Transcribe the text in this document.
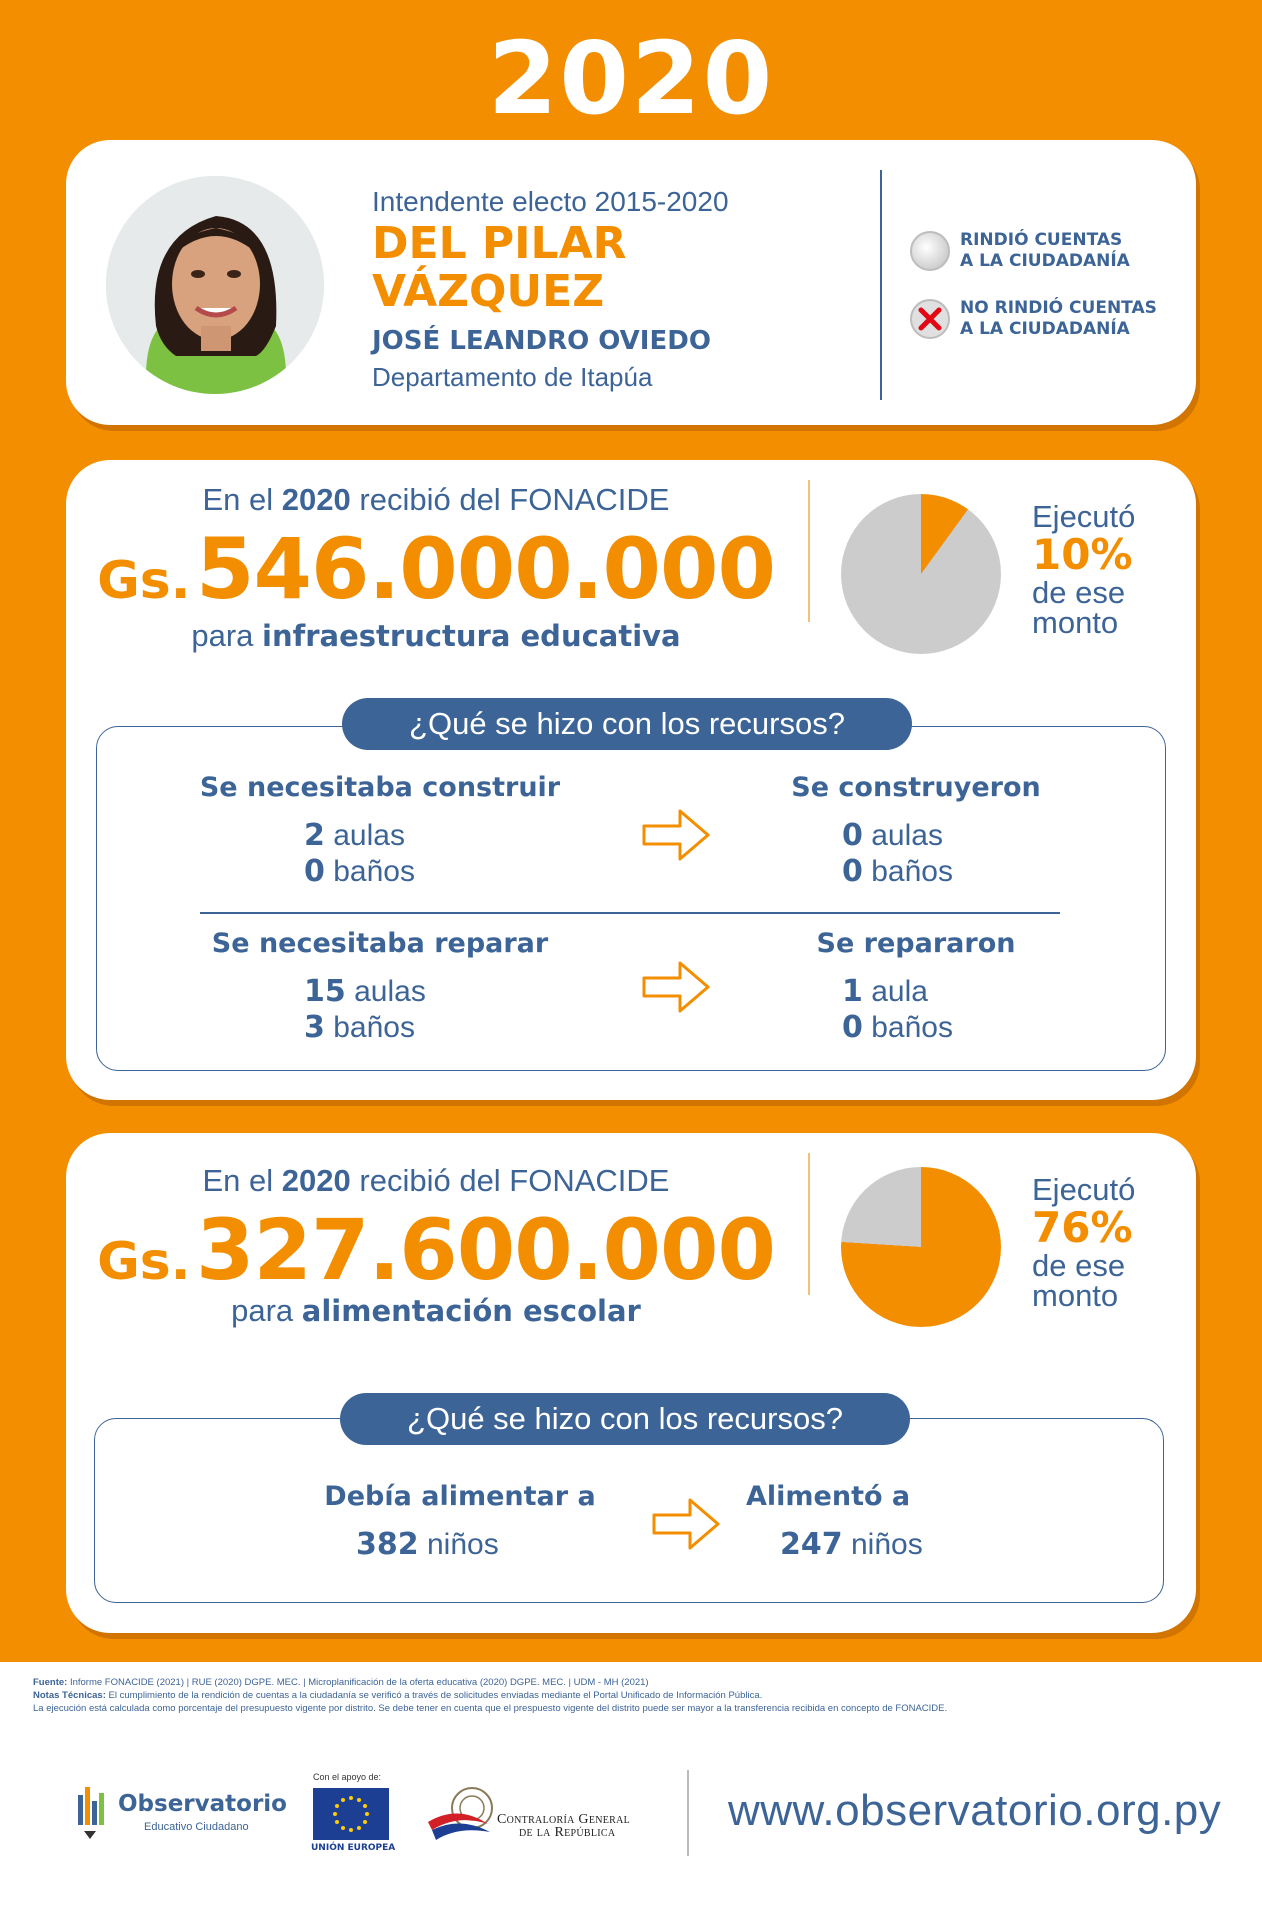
2020
Intendente electo 2015-2020
DEL PILAR
VÁZQUEZ
JOSÉ LEANDRO OVIEDO
Departamento de Itapúa
RINDIÓ CUENTAS
A LA CIUDADANÍA
NO RINDIÓ CUENTAS
A LA CIUDADANÍA
En el 2020 recibió del FONACIDE
Gs. 546.000.000
para infraestructura educativa
Ejecutó
10%
de ese
monto
¿Qué se hizo con los recursos?
Se necesitaba construir
2 aulas
0 baños
Se construyeron
0 aulas
0 baños
Se necesitaba reparar
15 aulas
3 baños
Se repararon
1 aula
0 baños
En el 2020 recibió del FONACIDE
Gs. 327.600.000
para alimentación escolar
Ejecutó
76%
de ese
monto
¿Qué se hizo con los recursos?
Debía alimentar a
382 niños
Alimentó a
247 niños
Fuente: Informe FONACIDE (2021) | RUE (2020) DGPE. MEC. | Microplanificación de la oferta educativa (2020) DGPE. MEC. | UDM - MH (2021)
Notas Técnicas: El cumplimiento de la rendición de cuentas a la ciudadanía se verificó a través de solicitudes enviadas mediante el Portal Unificado de Información Pública.
La ejecución está calculada como porcentaje del presupuesto vigente por distrito. Se debe tener en cuenta que el prespuesto vigente del distrito puede ser mayor a la transferencia recibida en concepto de FONACIDE.
Observatorio
Educativo Ciudadano
Con el apoyo de:
UNIÓN EUROPEA
Contraloría General
de la República	www.observatorio.org.py
